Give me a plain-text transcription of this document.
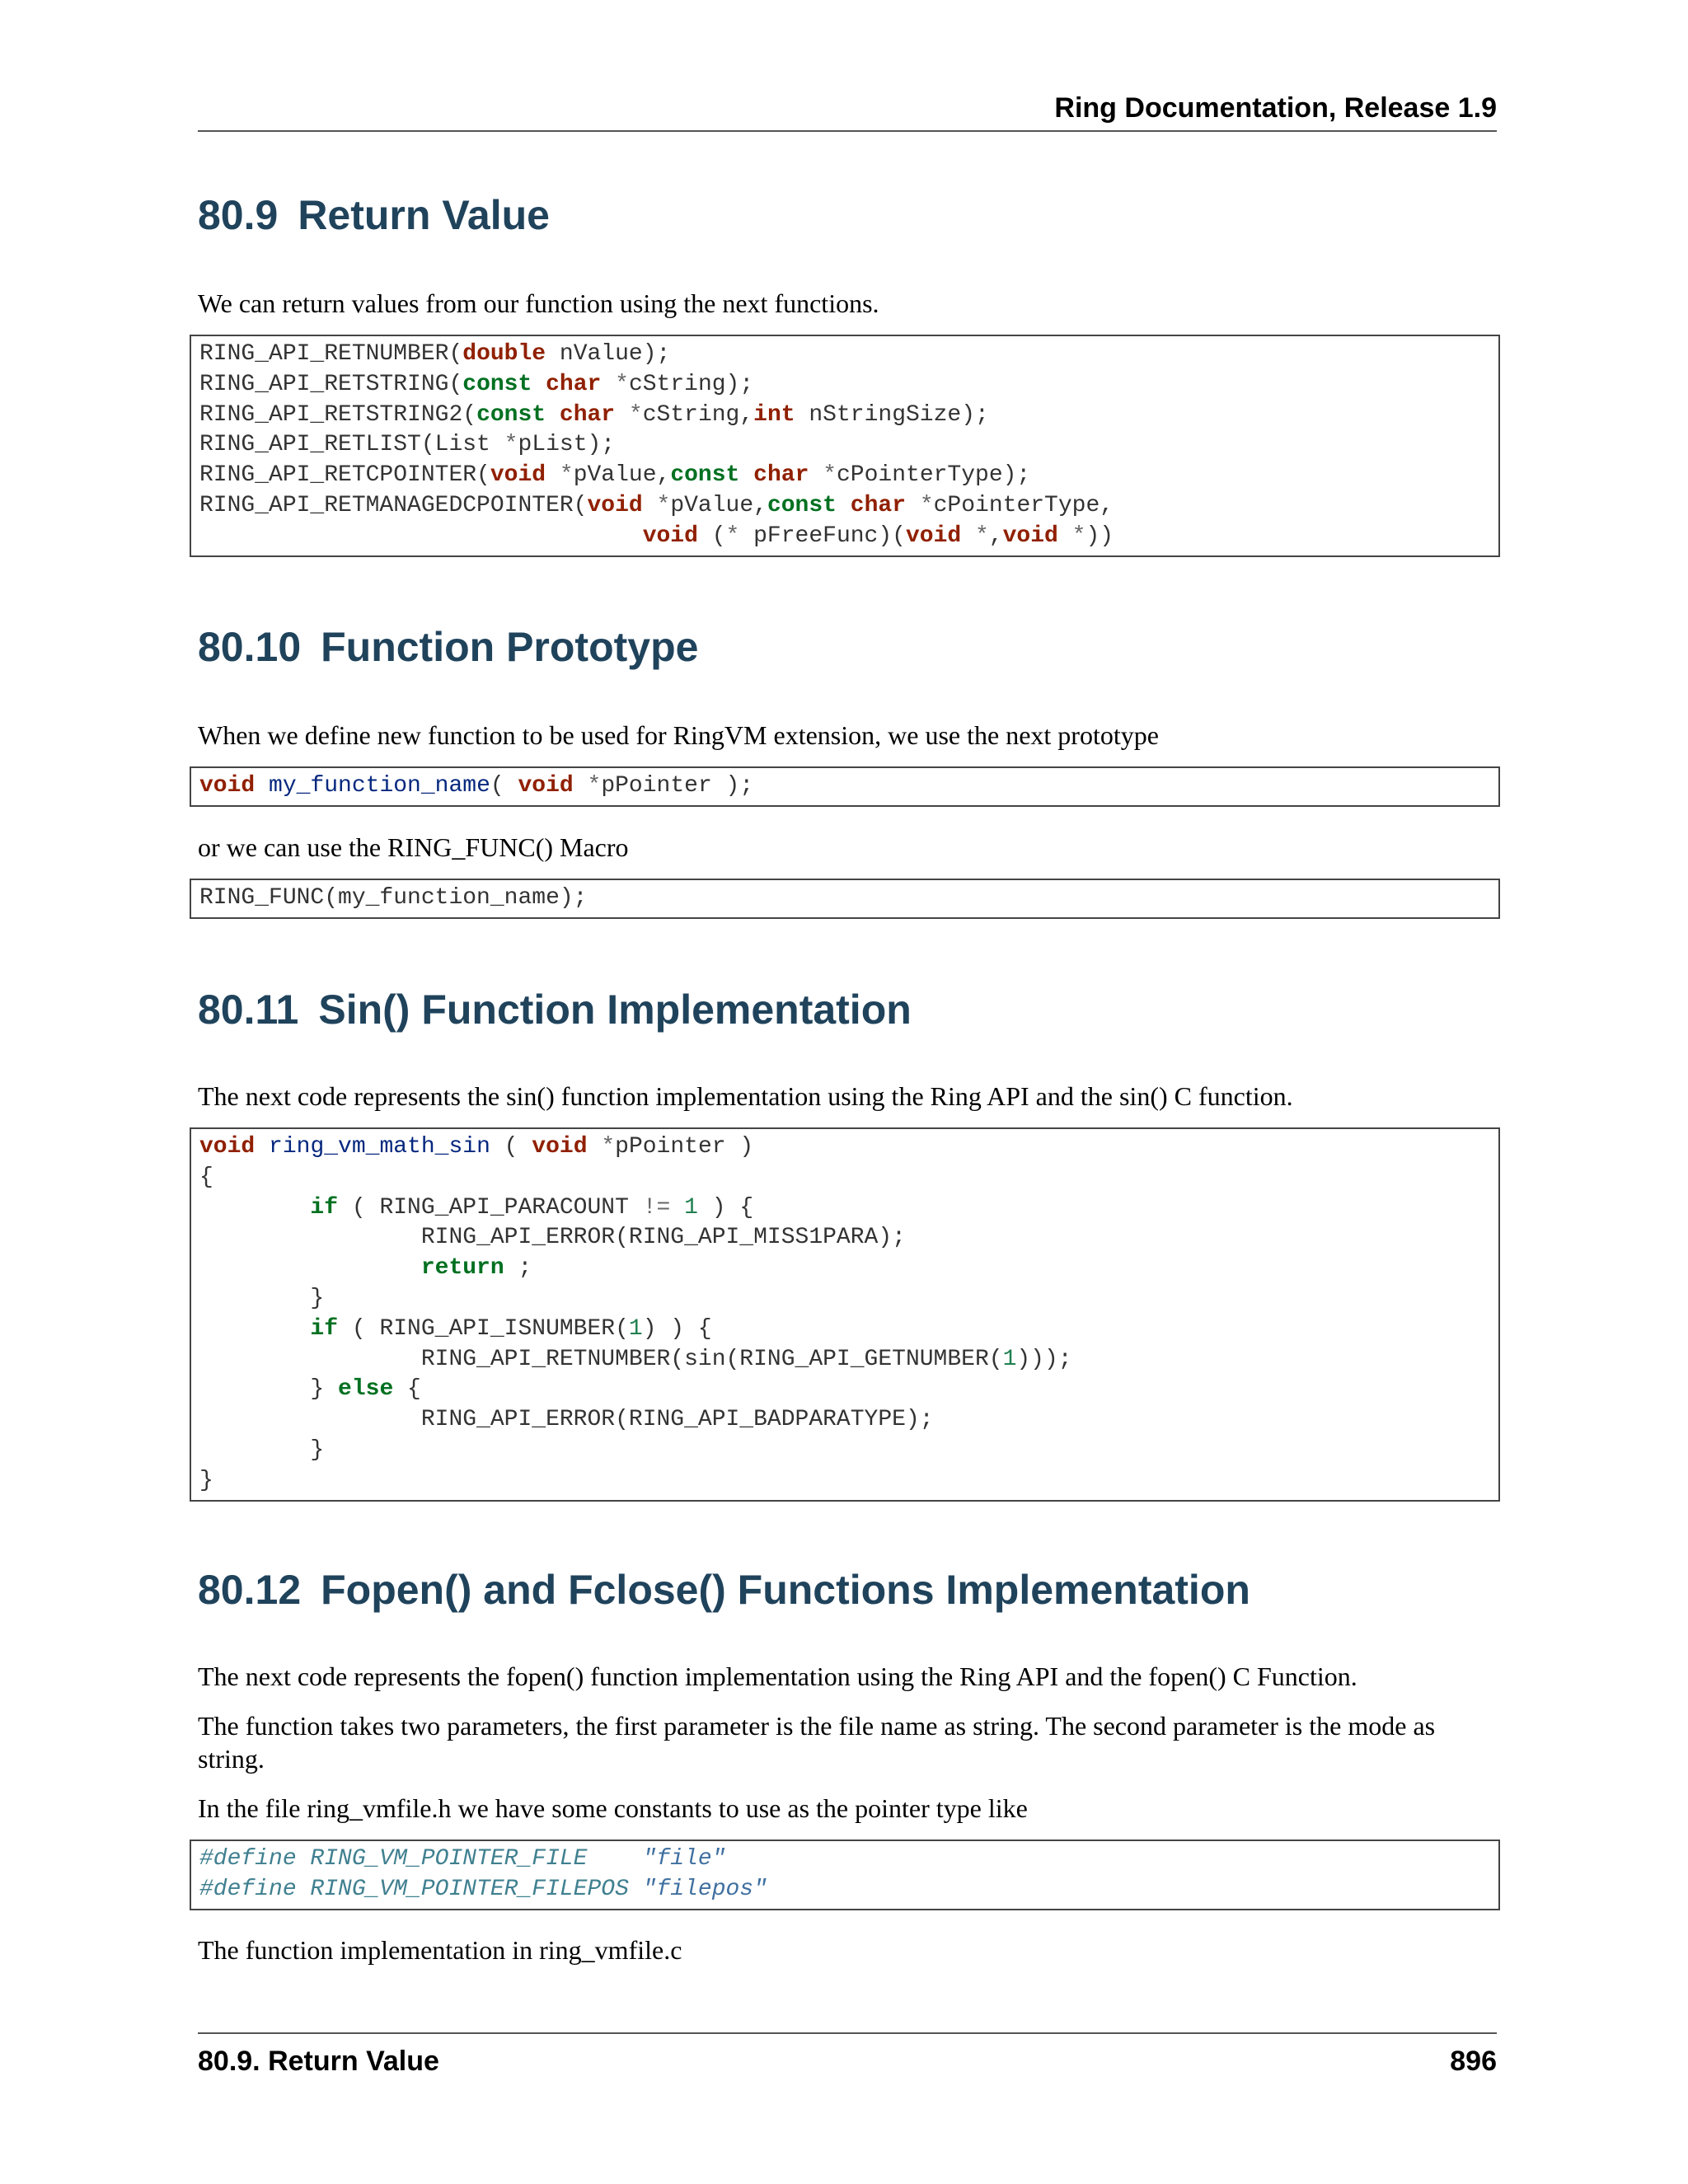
Ring Documentation, Release 1.9
80.9 Return Value

We can return values from our function using the next functions.

RING_API_RETNUMBER(double nValue);
RING_API_RETSTRING(const char *cString);
RING_API_RETSTRING2(const char *cString,int nStringSize);
RING_API_RETLIST(List *pList);
RING_API_RETCPOINTER(void *pValue,const char *cPointerType);
RING_API_RETMANAGEDCPOINTER(void *pValue,const char *cPointerType,
void (* pFreeFunc)(void *,void *))
80.10 Function Prototype

When we define new function to be used for RingVM extension, we use the next prototype

void my_function_name( void *pPointer );

or we can use the RING_FUNC() Macro

RING_FUNC(my_function_name);
80.11 Sin() Function Implementation

The next code represents the sin() function implementation using the Ring API and the sin() C function.

void ring_vm_math_sin ( void *pPointer )
{
if ( RING_API_PARACOUNT != 1 ) {
RING_API_ERROR(RING_API_MISS1PARA);
return ;
}
if ( RING_API_ISNUMBER(1) ) {
RING_API_RETNUMBER(sin(RING_API_GETNUMBER(1)));
} else {
RING_API_ERROR(RING_API_BADPARATYPE);
}
}
80.12 Fopen() and Fclose() Functions Implementation

The next code represents the fopen() function implementation using the Ring API and the fopen() C Function.

The function takes two parameters, the first parameter is the file name as string. The second parameter is the mode as string.

In the file ring_vmfile.h we have some constants to use as the pointer type like

#define RING_VM_POINTER_FILE    "file"
#define RING_VM_POINTER_FILEPOS "filepos"

The function implementation in ring_vmfile.c

80.9. Return Value	896
